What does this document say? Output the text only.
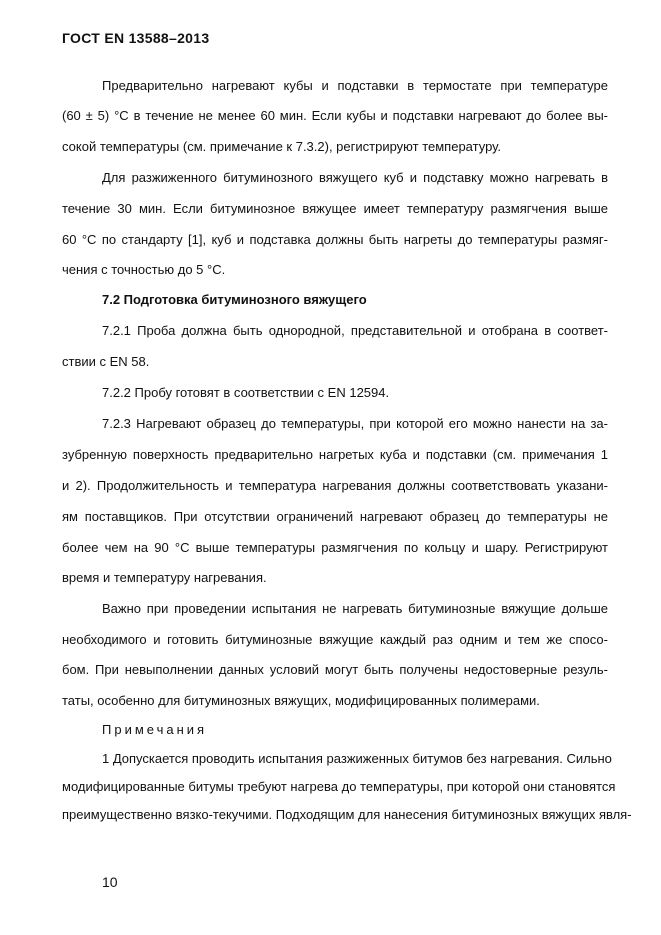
ГОСТ EN 13588–2013
Предварительно нагревают кубы и подставки в термостате при температуре
(60 ± 5) °С в течение не менее 60 мин. Если кубы и подставки нагревают до более вы-
сокой температуры (см. примечание к 7.3.2), регистрируют температуру.
Для разжиженного битуминозного вяжущего куб и подставку можно нагревать в
течение 30 мин. Если битуминозное вяжущее имеет температуру размягчения выше
60 °С по стандарту [1], куб и подставка должны быть нагреты до температуры размяг-
чения с точностью до 5 °С.
7.2 Подготовка битуминозного вяжущего
7.2.1 Проба должна быть однородной, представительной и отобрана в соответ-
ствии с EN 58.
7.2.2 Пробу готовят в соответствии с EN 12594.
7.2.3 Нагревают образец до температуры, при которой его можно нанести на за-
зубренную поверхность предварительно нагретых куба и подставки (см. примечания 1
и 2). Продолжительность и температура нагревания должны соответствовать указани-
ям поставщиков. При отсутствии ограничений нагревают образец до температуры не
более чем на 90 °С выше температуры размягчения по кольцу и шару. Регистрируют
время и температуру нагревания.
Важно при проведении испытания не нагревать битуминозные вяжущие дольше
необходимого и готовить битуминозные вяжущие каждый раз одним и тем же спосо-
бом. При невыполнении данных условий могут быть получены недостоверные резуль-
таты, особенно для битуминозных вяжущих, модифицированных полимерами.
Примечания
1 Допускается проводить испытания разжиженных битумов без нагревания. Сильно
модифицированные битумы требуют нагрева до температуры, при которой они становятся
преимущественно вязко-текучими. Подходящим для нанесения битуминозных вяжущих явля-
10
